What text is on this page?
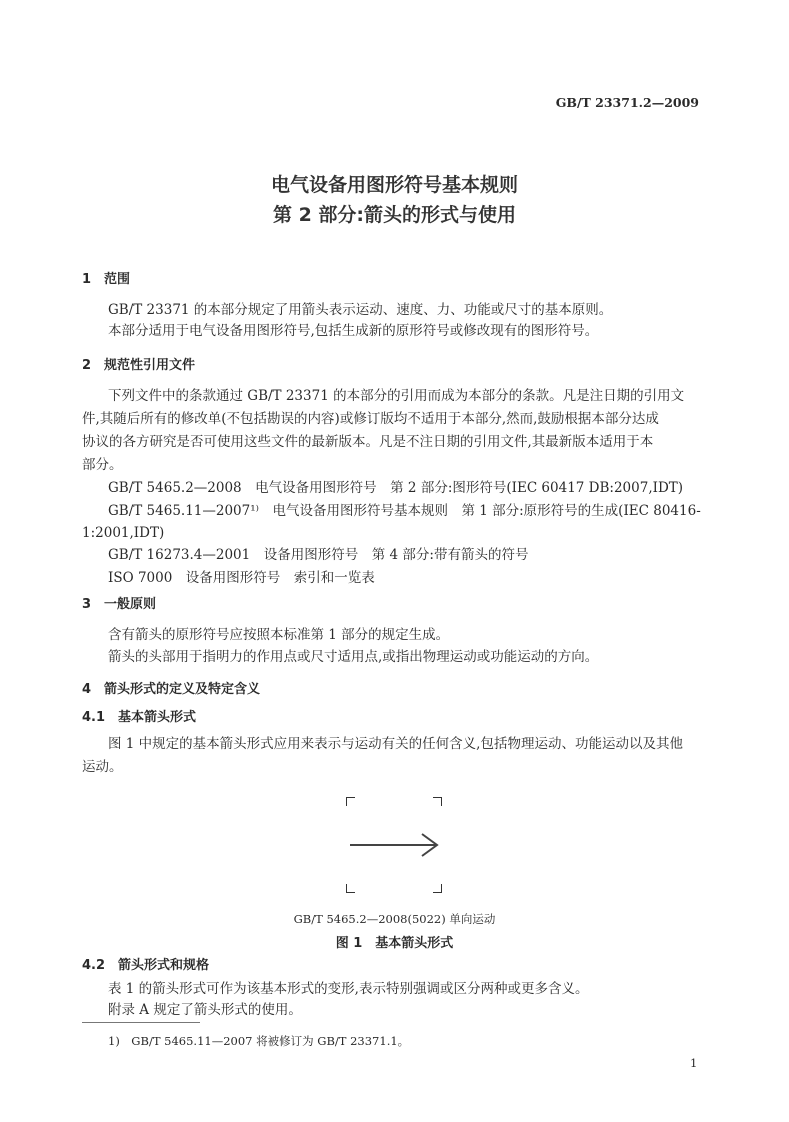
GB/T 23371.2—2009
电气设备用图形符号基本规则
第 2 部分:箭头的形式与使用
1　范围
GB/T 23371 的本部分规定了用箭头表示运动、速度、力、功能或尺寸的基本原则。
本部分适用于电气设备用图形符号,包括生成新的原形符号或修改现有的图形符号。
2　规范性引用文件
下列文件中的条款通过 GB/T 23371 的本部分的引用而成为本部分的条款。凡是注日期的引用文
件,其随后所有的修改单(不包括勘误的内容)或修订版均不适用于本部分,然而,鼓励根据本部分达成
协议的各方研究是否可使用这些文件的最新版本。凡是不注日期的引用文件,其最新版本适用于本
部分。
GB/T 5465.2—2008　电气设备用图形符号　第 2 部分:图形符号(IEC 60417 DB:2007,IDT)
GB/T 5465.11—2007¹⁾　电气设备用图形符号基本规则　第 1 部分:原形符号的生成(IEC 80416-
1:2001,IDT)
GB/T 16273.4—2001　设备用图形符号　第 4 部分:带有箭头的符号
ISO 7000　设备用图形符号　索引和一览表
3　一般原则
含有箭头的原形符号应按照本标准第 1 部分的规定生成。
箭头的头部用于指明力的作用点或尺寸适用点,或指出物理运动或功能运动的方向。
4　箭头形式的定义及特定含义
4.1　基本箭头形式
图 1 中规定的基本箭头形式应用来表示与运动有关的任何含义,包括物理运动、功能运动以及其他
运动。
GB/T 5465.2—2008(5022) 单向运动
图 1　基本箭头形式
4.2　箭头形式和规格
表 1 的箭头形式可作为该基本形式的变形,表示特别强调或区分两种或更多含义。
附录 A 规定了箭头形式的使用。
1)　GB/T 5465.11—2007 将被修订为 GB/T 23371.1。
1
